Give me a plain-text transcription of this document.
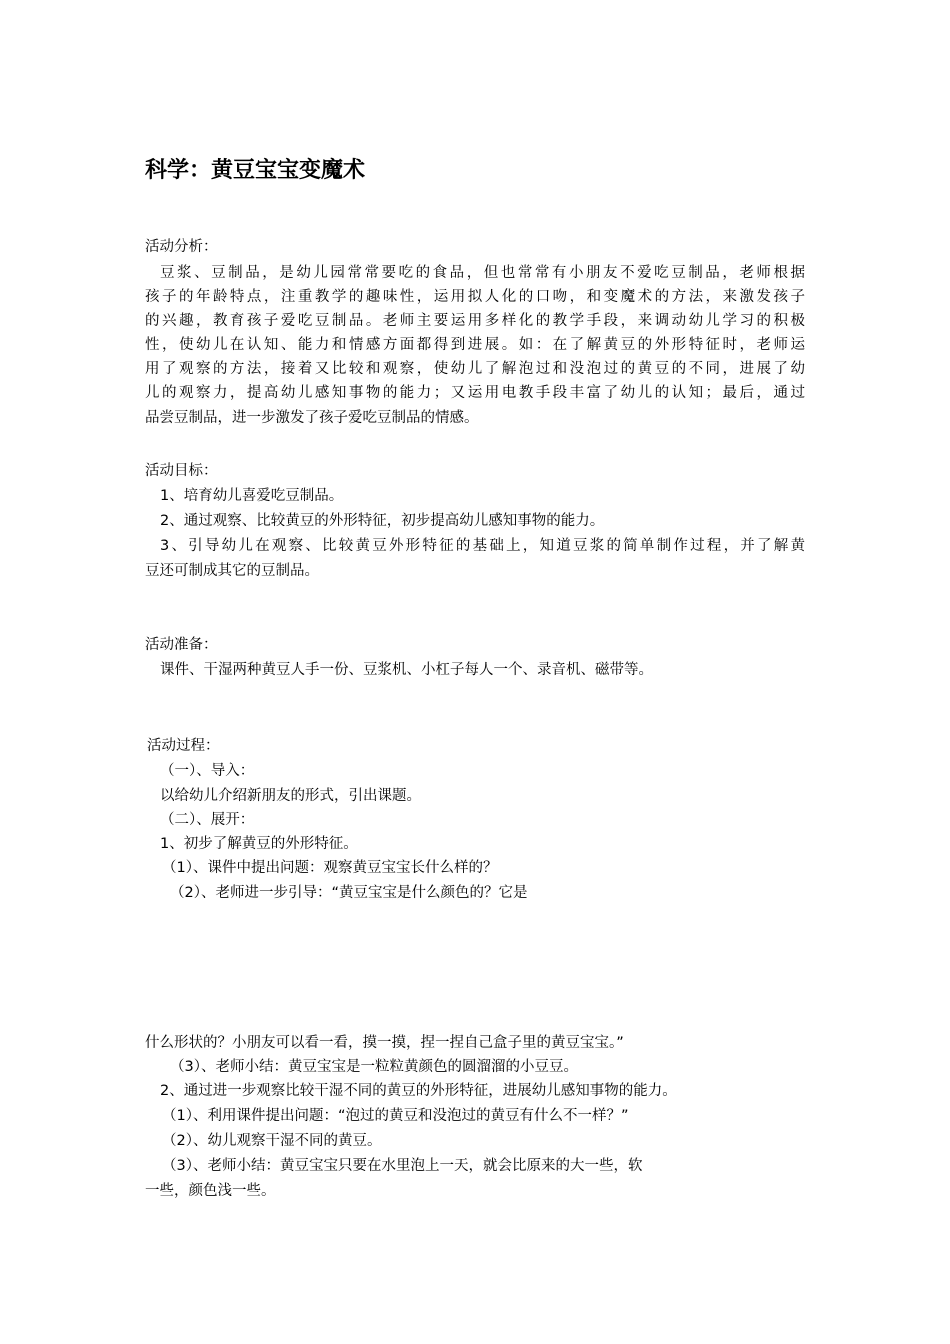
科学：黄豆宝宝变魔术
活动分析：
豆浆、豆制品，是幼儿园常常要吃的食品，但也常常有小朋友不爱吃豆制品，老师根据
孩子的年龄特点，注重教学的趣味性，运用拟人化的口吻，和变魔术的方法，来激发孩子
的兴趣，教育孩子爱吃豆制品。老师主要运用多样化的教学手段，来调动幼儿学习的积极
性，使幼儿在认知、能力和情感方面都得到进展。如：在了解黄豆的外形特征时，老师运
用了观察的方法，接着又比较和观察，使幼儿了解泡过和没泡过的黄豆的不同，进展了幼
儿的观察力，提高幼儿感知事物的能力；又运用电教手段丰富了幼儿的认知；最后，通过
品尝豆制品，进一步激发了孩子爱吃豆制品的情感。
活动目标：
1、培育幼儿喜爱吃豆制品。
2、通过观察、比较黄豆的外形特征，初步提高幼儿感知事物的能力。
3、引导幼儿在观察、比较黄豆外形特征的基础上，知道豆浆的简单制作过程，并了解黄
豆还可制成其它的豆制品。
活动准备：
课件、干湿两种黄豆人手一份、豆浆机、小杠子每人一个、录音机、磁带等。
活动过程：
（一）、导入：
以给幼儿介绍新朋友的形式，引出课题。
（二）、展开：
1、初步了解黄豆的外形特征。
（1）、课件中提出问题：观察黄豆宝宝长什么样的？
（2）、老师进一步引导：“黄豆宝宝是什么颜色的？它是
什么形状的？小朋友可以看一看，摸一摸，捏一捏自己盒子里的黄豆宝宝。”
（3）、老师小结：黄豆宝宝是一粒粒黄颜色的圆溜溜的小豆豆。
2、通过进一步观察比较干湿不同的黄豆的外形特征，进展幼儿感知事物的能力。
（1）、利用课件提出问题：“泡过的黄豆和没泡过的黄豆有什么不一样？”
（2）、幼儿观察干湿不同的黄豆。
（3）、老师小结：黄豆宝宝只要在水里泡上一天，就会比原来的大一些，软
一些，颜色浅一些。
